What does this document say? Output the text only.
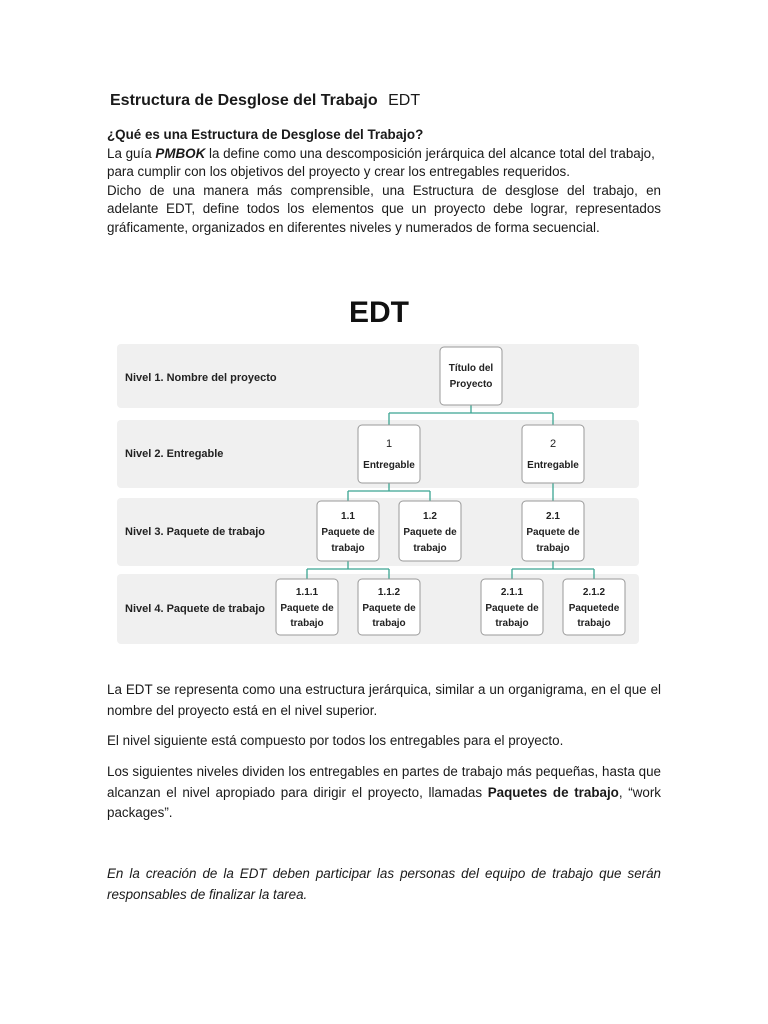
Estructura de Desglose del Trabajo EDT
¿Qué es una Estructura de Desglose del Trabajo?

La guía PMBOK la define como una descomposición jerárquica del alcance total del trabajo, para cumplir con los objetivos del proyecto y crear los entregables requeridos.

Dicho de una manera más comprensible, una Estructura de desglose del trabajo, en adelante EDT, define todos los elementos que un proyecto debe lograr, representados gráficamente, organizados en diferentes niveles y numerados de forma secuencial.

EDT
Nivel 1. Nombre del proyecto
Nivel 2. Entregable
Nivel 3. Paquete de trabajo
Nivel 4. Paquete de trabajo
Título del
Proyecto
1
Entregable
2
Entregable
1.1
Paquete de
trabajo
1.2
Paquete de
trabajo
2.1
Paquete de
trabajo
1.1.1
Paquete de
trabajo
1.1.2
Paquete de
trabajo
2.1.1
Paquete de
trabajo
2.1.2
Paquetede
trabajo

La EDT se representa como una estructura jerárquica, similar a un organigrama, en el que el nombre del proyecto está en el nivel superior.

El nivel siguiente está compuesto por todos los entregables para el proyecto.

Los siguientes niveles dividen los entregables en partes de trabajo más pequeñas, hasta que alcanzan el nivel apropiado para dirigir el proyecto, llamadas Paquetes de trabajo, “work packages”.

En la creación de la EDT deben participar las personas del equipo de trabajo que serán responsables de finalizar la tarea.
